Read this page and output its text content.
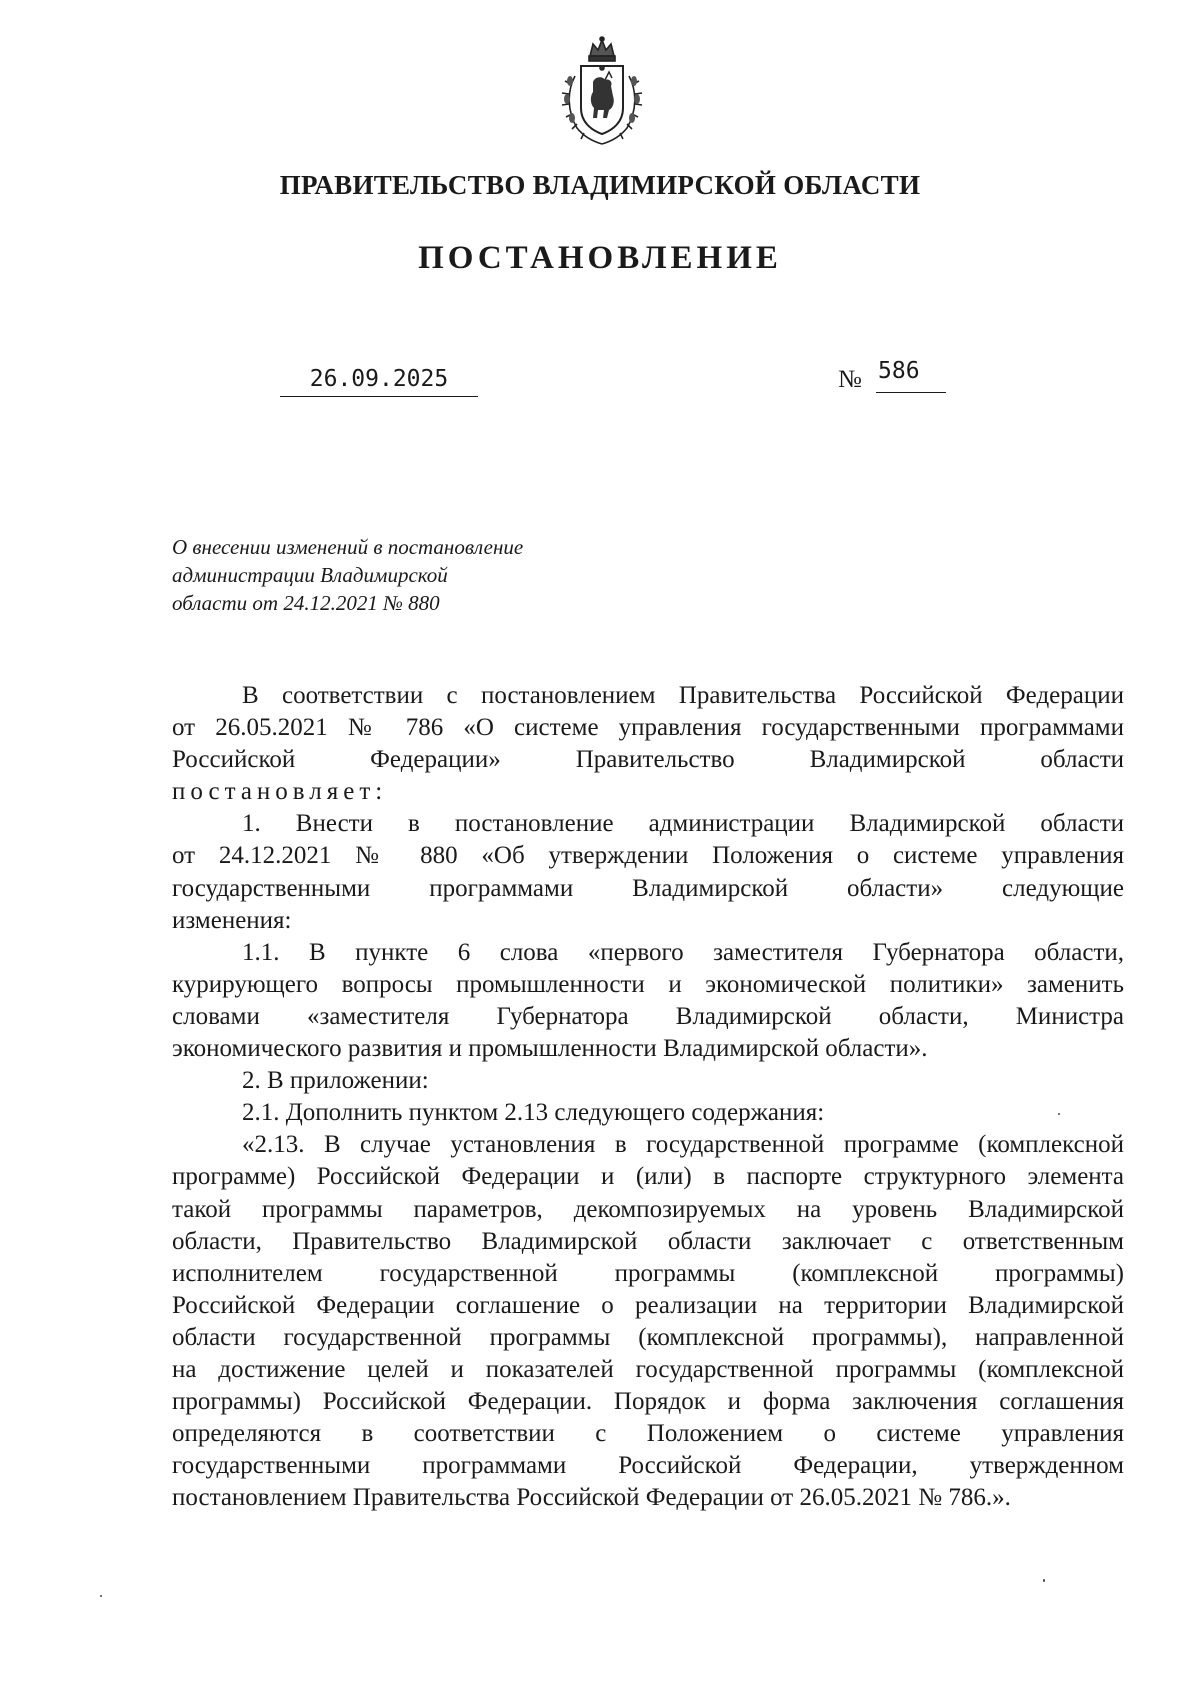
ПРАВИТЕЛЬСТВО ВЛАДИМИРСКОЙ ОБЛАСТИ
ПОСТАНОВЛЕНИЕ
26.09.2025	№ 586
О внесении изменений в постановление
администрации Владимирской
области от 24.12.2021 № 880
В соответствии с постановлением Правительства Российской Федерации
от 26.05.2021 № 786 «О системе управления государственными программами
Российской Федерации» Правительство Владимирской области
постановляет:
1. Внести в постановление администрации Владимирской области
от 24.12.2021 № 880 «Об утверждении Положения о системе управления
государственными программами Владимирской области» следующие
изменения:
1.1. В пункте 6 слова «первого заместителя Губернатора области,
курирующего вопросы промышленности и экономической политики» заменить
словами «заместителя Губернатора Владимирской области, Министра
экономического развития и промышленности Владимирской области».
2. В приложении:
2.1. Дополнить пунктом 2.13 следующего содержания:
«2.13. В случае установления в государственной программе (комплексной
программе) Российской Федерации и (или) в паспорте структурного элемента
такой программы параметров, декомпозируемых на уровень Владимирской
области, Правительство Владимирской области заключает с ответственным
исполнителем государственной программы (комплексной программы)
Российской Федерации соглашение о реализации на территории Владимирской
области государственной программы (комплексной программы), направленной
на достижение целей и показателей государственной программы (комплексной
программы) Российской Федерации. Порядок и форма заключения соглашения
определяются в соответствии с Положением о системе управления
государственными программами Российской Федерации, утвержденном
постановлением Правительства Российской Федерации от 26.05.2021 № 786.».
